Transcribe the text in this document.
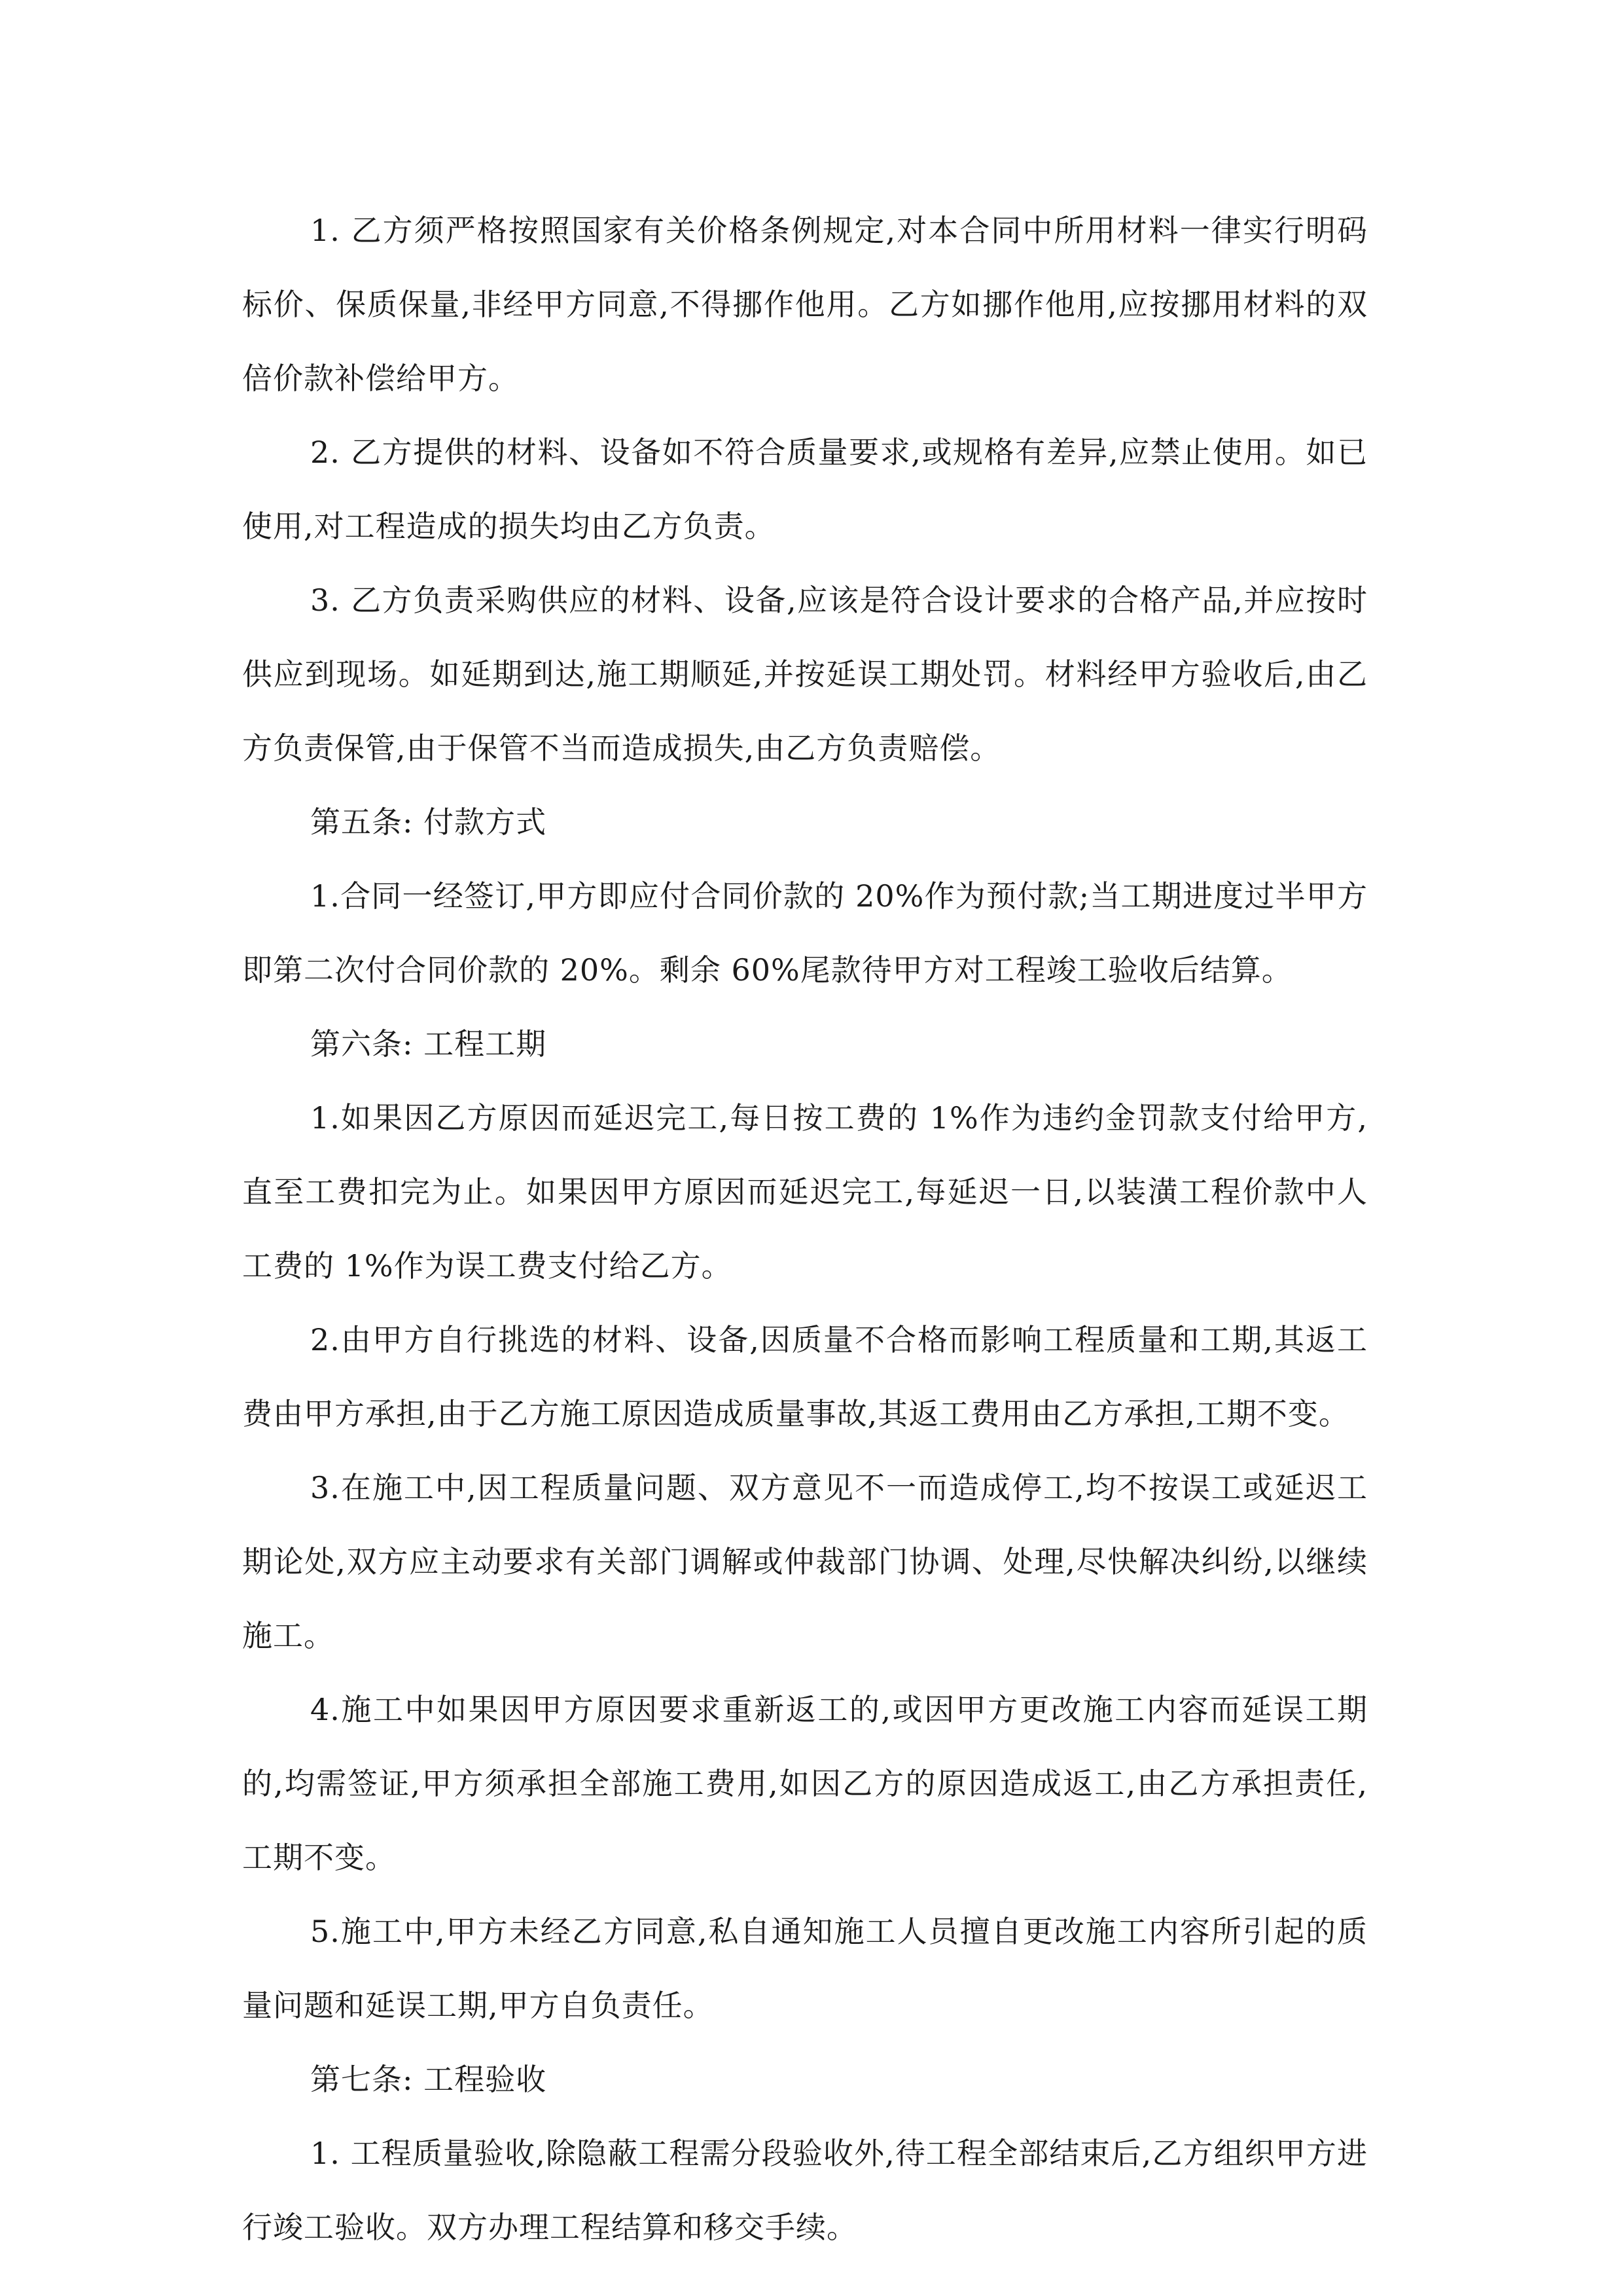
1. 乙方须严格按照国家有关价格条例规定,对本合同中所用材料一律实行明码标价、保质保量,非经甲方同意,不得挪作他用。乙方如挪作他用,应按挪用材料的双倍价款补偿给甲方。

2. 乙方提供的材料、设备如不符合质量要求,或规格有差异,应禁止使用。如已使用,对工程造成的损失均由乙方负责。

3. 乙方负责采购供应的材料、设备,应该是符合设计要求的合格产品,并应按时供应到现场。如延期到达,施工期顺延,并按延误工期处罚。材料经甲方验收后,由乙方负责保管,由于保管不当而造成损失,由乙方负责赔偿。

第五条: 付款方式

1.合同一经签订,甲方即应付合同价款的 20%作为预付款;当工期进度过半甲方即第二次付合同价款的 20%。剩余 60%尾款待甲方对工程竣工验收后结算。

第六条: 工程工期

1.如果因乙方原因而延迟完工,每日按工费的 1%作为违约金罚款支付给甲方,直至工费扣完为止。如果因甲方原因而延迟完工,每延迟一日,以装潢工程价款中人工费的 1%作为误工费支付给乙方。

2.由甲方自行挑选的材料、设备,因质量不合格而影响工程质量和工期,其返工费由甲方承担,由于乙方施工原因造成质量事故,其返工费用由乙方承担,工期不变。

3.在施工中,因工程质量问题、双方意见不一而造成停工,均不按误工或延迟工期论处,双方应主动要求有关部门调解或仲裁部门协调、处理,尽快解决纠纷,以继续施工。

4.施工中如果因甲方原因要求重新返工的,或因甲方更改施工内容而延误工期的,均需签证,甲方须承担全部施工费用,如因乙方的原因造成返工,由乙方承担责任,工期不变。

5.施工中,甲方未经乙方同意,私自通知施工人员擅自更改施工内容所引起的质量问题和延误工期,甲方自负责任。

第七条: 工程验收

1. 工程质量验收,除隐蔽工程需分段验收外,待工程全部结束后,乙方组织甲方进行竣工验收。双方办理工程结算和移交手续。
